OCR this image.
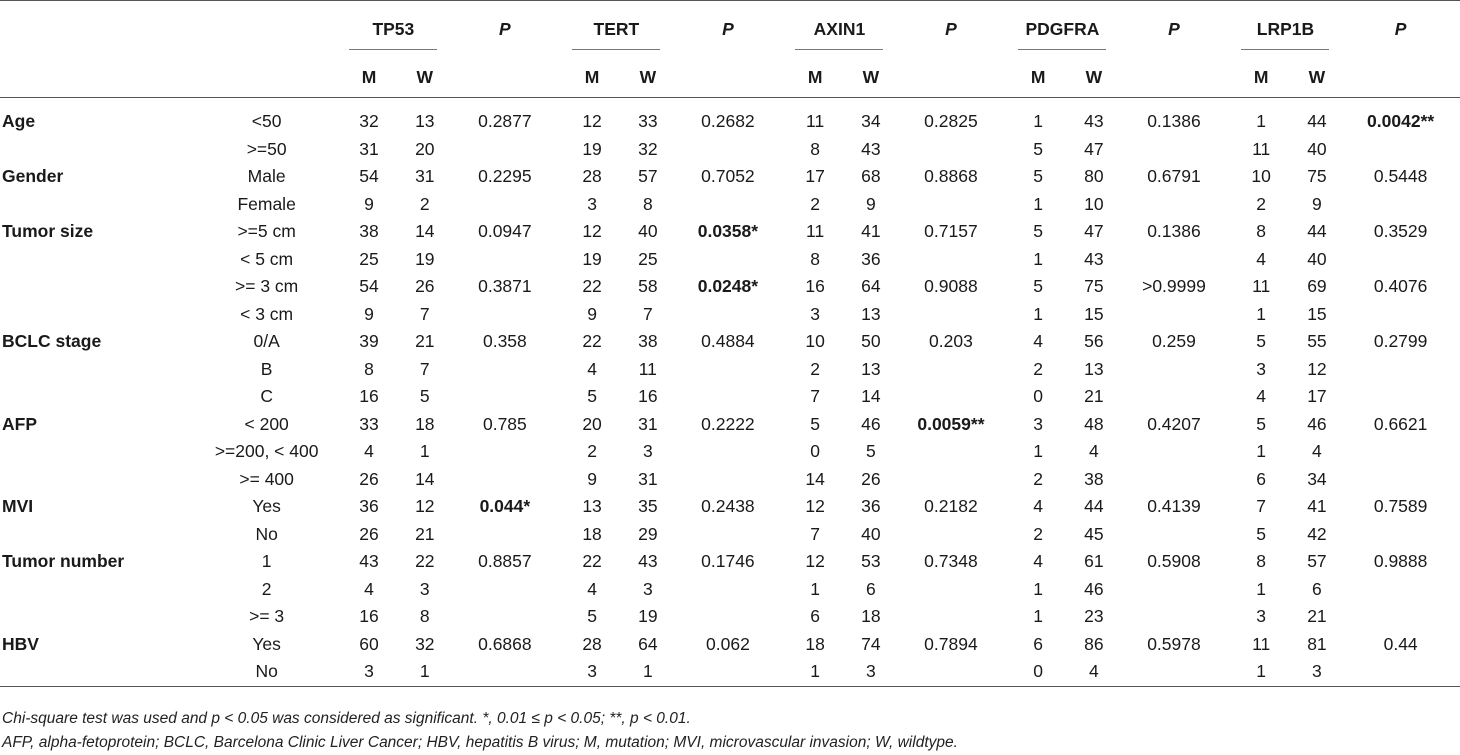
		TP53		P	TERT		P	AXIN1		P	PDGFRA		P	LRP1B		P
		M	W		M	W		M	W		M	W		M	W	
Age	<50	32	13	0.2877	12	33	0.2682	11	34	0.2825	1	43	0.1386	1	44	0.0042**
	>=50	31	20		19	32		8	43		5	47		11	40	
Gender	Male	54	31	0.2295	28	57	0.7052	17	68	0.8868	5	80	0.6791	10	75	0.5448
	Female	9	2		3	8		2	9		1	10		2	9	
Tumor size	>=5 cm	38	14	0.0947	12	40	0.0358*	11	41	0.7157	5	47	0.1386	8	44	0.3529
	< 5 cm	25	19		19	25		8	36		1	43		4	40	
	>= 3 cm	54	26	0.3871	22	58	0.0248*	16	64	0.9088	5	75	>0.9999	11	69	0.4076
	< 3 cm	9	7		9	7		3	13		1	15		1	15	
BCLC stage	0/A	39	21	0.358	22	38	0.4884	10	50	0.203	4	56	0.259	5	55	0.2799
	B	8	7		4	11		2	13		2	13		3	12	
	C	16	5		5	16		7	14		0	21		4	17	
AFP	< 200	33	18	0.785	20	31	0.2222	5	46	0.0059**	3	48	0.4207	5	46	0.6621
	>=200, < 400	4	1		2	3		0	5		1	4		1	4	
	>= 400	26	14		9	31		14	26		2	38		6	34	
MVI	Yes	36	12	0.044*	13	35	0.2438	12	36	0.2182	4	44	0.4139	7	41	0.7589
	No	26	21		18	29		7	40		2	45		5	42	
Tumor number	1	43	22	0.8857	22	43	0.1746	12	53	0.7348	4	61	0.5908	8	57	0.9888
	2	4	3		4	3		1	6		1	46		1	6	
	>= 3	16	8		5	19		6	18		1	23		3	21	
HBV	Yes	60	32	0.6868	28	64	0.062	18	74	0.7894	6	86	0.5978	11	81	0.44
	No	3	1		3	1		1	3		0	4		1	3	
Chi-square test was used and p < 0.05 was considered as significant. *, 0.01 ≤ p < 0.05; **, p < 0.01.
AFP, alpha-fetoprotein; BCLC, Barcelona Clinic Liver Cancer; HBV, hepatitis B virus; M, mutation; MVI, microvascular invasion; W, wildtype.
